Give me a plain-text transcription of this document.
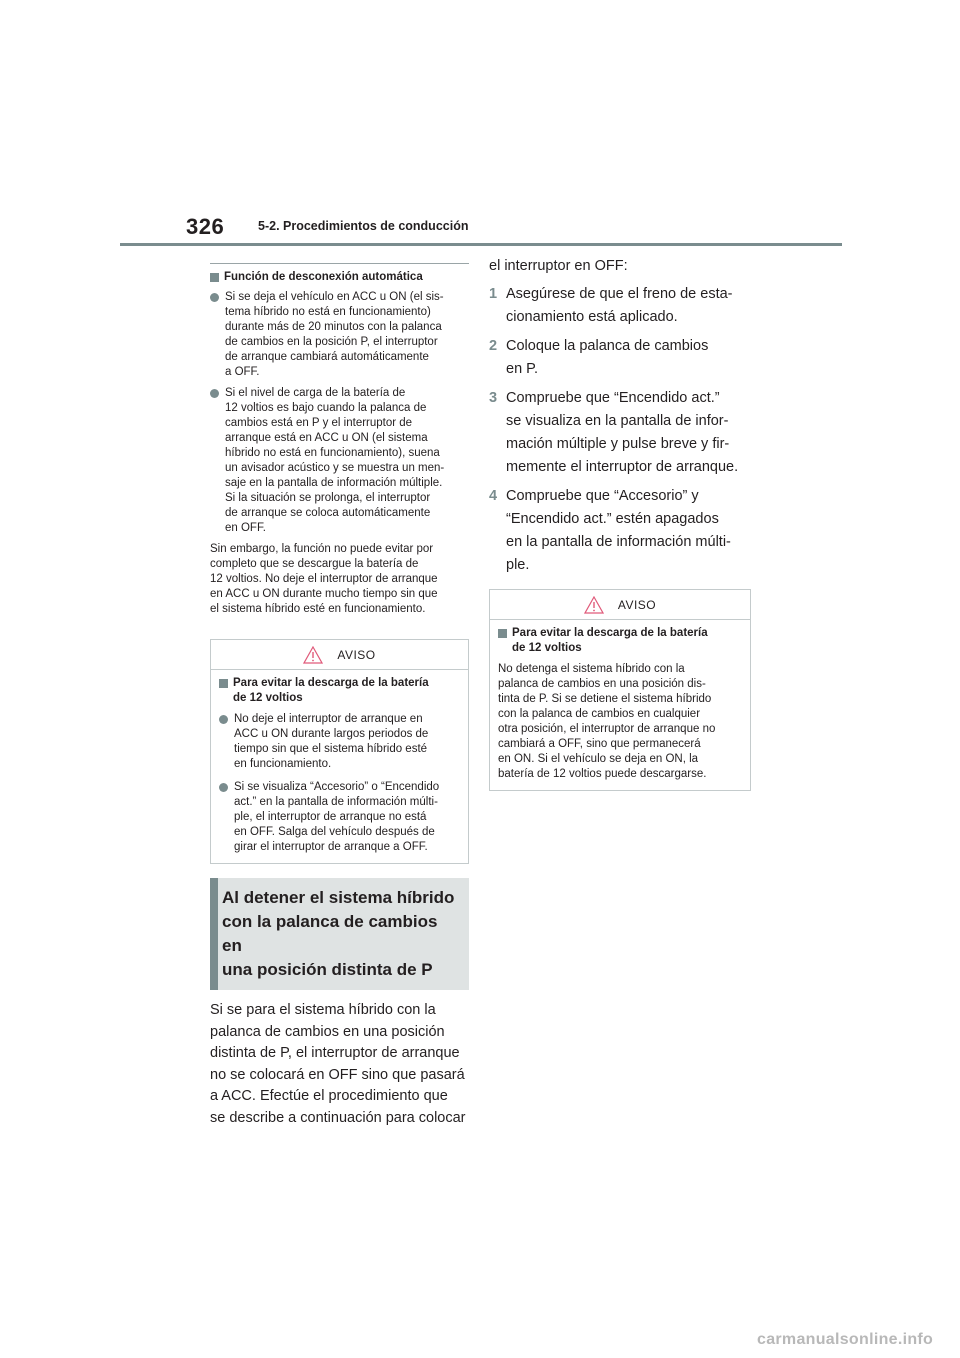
326	5-2. Procedimientos de conducción
Función de desconexión automática
Si se deja el vehículo en ACC u ON (el sis-
tema híbrido no está en funcionamiento)
durante más de 20 minutos con la palanca
de cambios en la posición P, el interruptor
de arranque cambiará automáticamente
a OFF.
Si el nivel de carga de la batería de
12 voltios es bajo cuando la palanca de
cambios está en P y el interruptor de
arranque está en ACC u ON (el sistema
híbrido no está en funcionamiento), suena
un avisador acústico y se muestra un men-
saje en la pantalla de información múltiple.
Si la situación se prolonga, el interruptor
de arranque se coloca automáticamente
en OFF.
Sin embargo, la función no puede evitar por
completo que se descargue la batería de
12 voltios. No deje el interruptor de arranque
en ACC u ON durante mucho tiempo sin que
el sistema híbrido esté en funcionamiento.
AVISO
Para evitar la descarga de la batería
de 12 voltios
No deje el interruptor de arranque en
ACC u ON durante largos periodos de
tiempo sin que el sistema híbrido esté
en funcionamiento.
Si se visualiza “Accesorio” o “Encendido
act.” en la pantalla de información múlti-
ple, el interruptor de arranque no está
en OFF. Salga del vehículo después de
girar el interruptor de arranque a OFF.
Al detener el sistema híbrido
con la palanca de cambios en
una posición distinta de P
Si se para el sistema híbrido con la
palanca de cambios en una posición
distinta de P, el interruptor de arranque
no se colocará en OFF sino que pasará
a ACC. Efectúe el procedimiento que
se describe a continuación para colocar
el interruptor en OFF:
1 Asegúrese de que el freno de esta-
cionamiento está aplicado.
2 Coloque la palanca de cambios
en P.
3 Compruebe que “Encendido act.”
se visualiza en la pantalla de infor-
mación múltiple y pulse breve y fir-
memente el interruptor de arranque.
4 Compruebe que “Accesorio” y
“Encendido act.” estén apagados
en la pantalla de información múlti-
ple.
AVISO
Para evitar la descarga de la batería
de 12 voltios
No detenga el sistema híbrido con la
palanca de cambios en una posición dis-
tinta de P. Si se detiene el sistema híbrido
con la palanca de cambios en cualquier
otra posición, el interruptor de arranque no
cambiará a OFF, sino que permanecerá
en ON. Si el vehículo se deja en ON, la
batería de 12 voltios puede descargarse.
carmanualsonline.info
